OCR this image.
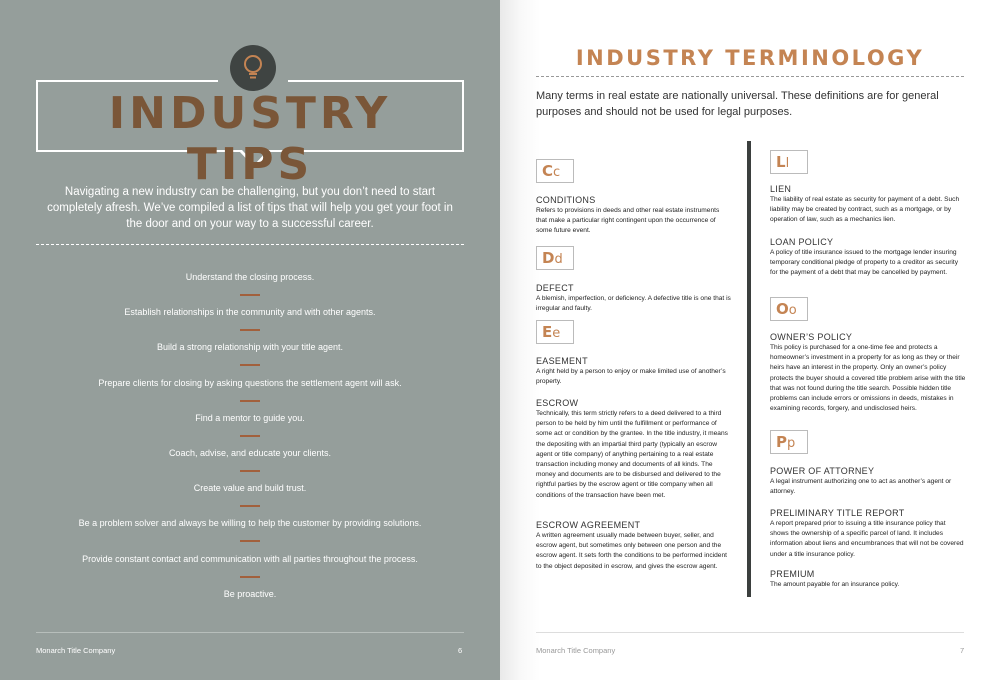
INDUSTRY TIPS

Navigating a new industry can be challenging, but you don’t need to start completely afresh. We’ve compiled a list of tips that will help you get your foot in the door and on your way to a successful career.

Understand the closing process.
Establish relationships in the community and with other agents.
Build a strong relationship with your title agent.
Prepare clients for closing by asking questions the settlement agent will ask.
Find a mentor to guide you.
Coach, advise, and educate your clients.
Create value and build trust.
Be a problem solver and always be willing to help the customer by providing solutions.
Provide constant contact and communication with all parties throughout the process.
Be proactive.
Monarch Title Company	6
INDUSTRY TERMINOLOGY

Many terms in real estate are nationally universal. These definitions are for general purposes and should not be used for legal purposes.

Cc
CONDITIONS
Refers to provisions in deeds and other real estate instruments that make a particular right contingent upon the occurrence of some future event.
Dd
DEFECT
A blemish, imperfection, or deficiency. A defective title is one that is irregular and faulty.
Ee
EASEMENT
A right held by a person to enjoy or make limited use of another’s property.
ESCROW
Technically, this term strictly refers to a deed delivered to a third person to be held by him until the fulfillment or performance of some act or condition by the grantee. In the title industry, it means the depositing with an impartial third party (typically an escrow agent or title company) of anything pertaining to a real estate transaction including money and documents of all kinds. The money and documents are to be disbursed and delivered to the rightful parties by the escrow agent or title company when all conditions of the transaction have been met.
ESCROW AGREEMENT
A written agreement usually made between buyer, seller, and escrow agent, but sometimes only between one person and the escrow agent. It sets forth the conditions to be performed incident to the object deposited in escrow, and gives the escrow agent.
Ll
LIEN
The liability of real estate as security for payment of a debt. Such liability may be created by contract, such as a mortgage, or by operation of law, such as a mechanics lien.
LOAN POLICY
A policy of title insurance issued to the mortgage lender insuring temporary conditional pledge of property to a creditor as security for the payment of a debt that may be cancelled by payment.
Oo
OWNER’S POLICY
This policy is purchased for a one-time fee and protects a homeowner’s investment in a property for as long as they or their heirs have an interest in the property. Only an owner’s policy protects the buyer should a covered title problem arise with the title that was not found during the title search. Possible hidden title problems can include errors or omissions in deeds, mistakes in examining records, forgery, and undisclosed heirs.
Pp
POWER OF ATTORNEY
A legal instrument authorizing one to act as another’s agent or attorney.
PRELIMINARY TITLE REPORT
A report prepared prior to issuing a title insurance policy that shows the ownership of a specific parcel of land. It includes information about liens and encumbrances that will not be covered under a title insurance policy.
PREMIUM
The amount payable for an insurance policy.
Monarch Title Company	7
